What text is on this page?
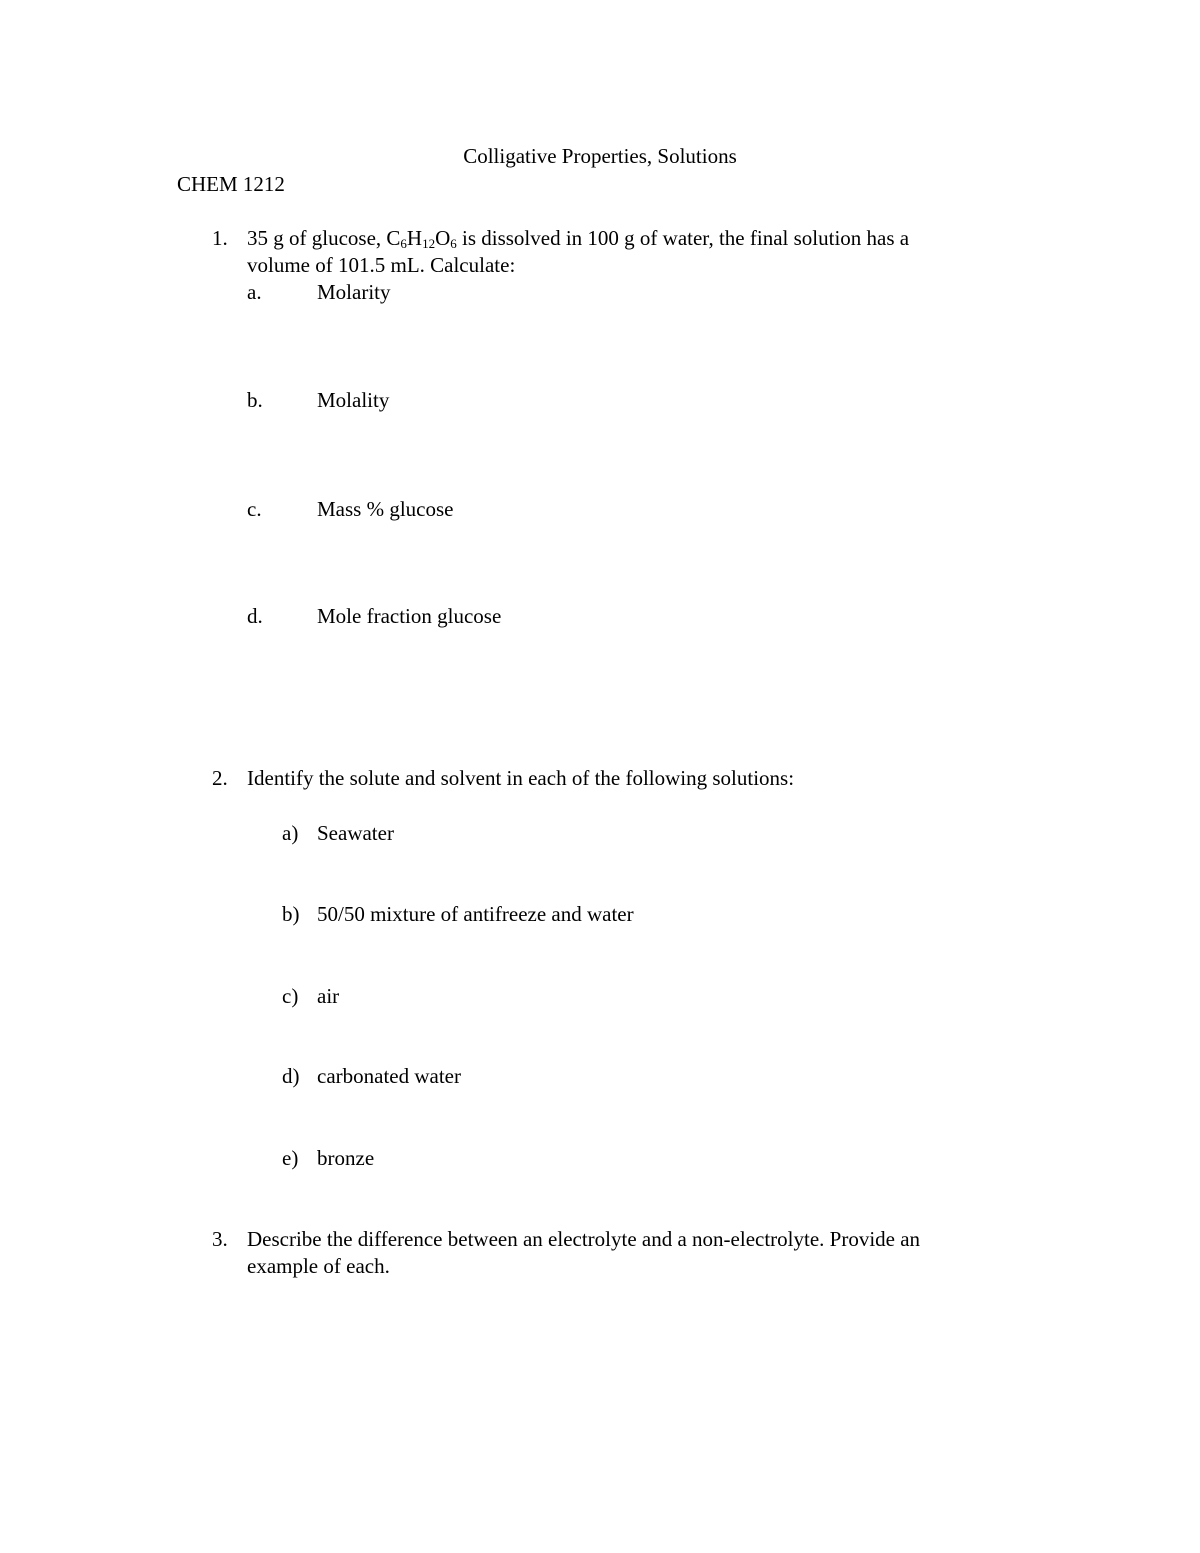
Colligative Properties, Solutions
CHEM 1212
1. 35 g of glucose, $C_6H_{12}O_6$ is dissolved in 100 g of water, the final solution has a
volume of 101.5 mL. Calculate:
a.	Molarity
b.	Molality
c.	Mass % glucose
d.	Mole fraction glucose
2. Identify the solute and solvent in each of the following solutions:
a) Seawater
b) 50/50 mixture of antifreeze and water
c) air
d) carbonated water
e) bronze
3. Describe the difference between an electrolyte and a non-electrolyte. Provide an
example of each.
